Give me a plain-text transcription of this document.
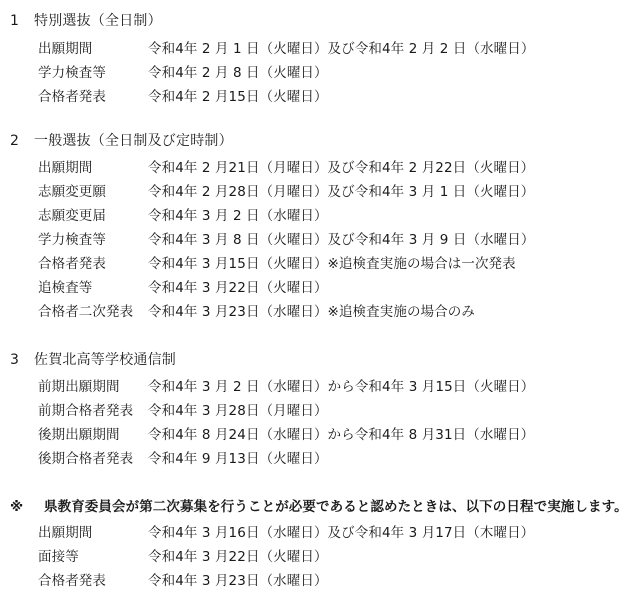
1 特別選抜（全日制）
出願期間	令和4年 2 月 1 日（火曜日）及び令和4年 2 月 2 日（水曜日）
学力検査等	令和4年 2 月 8 日（火曜日）
合格者発表	令和4年 2 月15日（火曜日）
2 一般選抜（全日制及び定時制）
出願期間	令和4年 2 月21日（月曜日）及び令和4年 2 月22日（火曜日）
志願変更願	令和4年 2 月28日（月曜日）及び令和4年 3 月 1 日（火曜日）
志願変更届	令和4年 3 月 2 日（水曜日）
学力検査等	令和4年 3 月 8 日（火曜日）及び令和4年 3 月 9 日（水曜日）
合格者発表	令和4年 3 月15日（火曜日）※追検査実施の場合は一次発表
追検査等	令和4年 3 月22日（火曜日）
合格者二次発表 令和4年 3 月23日（水曜日）※追検査実施の場合のみ
3 佐賀北高等学校通信制
前期出願期間 令和4年 3 月 2 日（水曜日）から令和4年 3 月15日（火曜日）
前期合格者発表 令和4年 3 月28日（月曜日）
後期出願期間 令和4年 8 月24日（水曜日）から令和4年 8 月31日（水曜日）
後期合格者発表 令和4年 9 月13日（火曜日）
※ 県教育委員会が第二次募集を行うことが必要であると認めたときは、以下の日程で実施します。
出願期間	令和4年 3 月16日（水曜日）及び令和4年 3 月17日（木曜日）
面接等	令和4年 3 月22日（火曜日）
合格者発表	令和4年 3 月23日（水曜日）
